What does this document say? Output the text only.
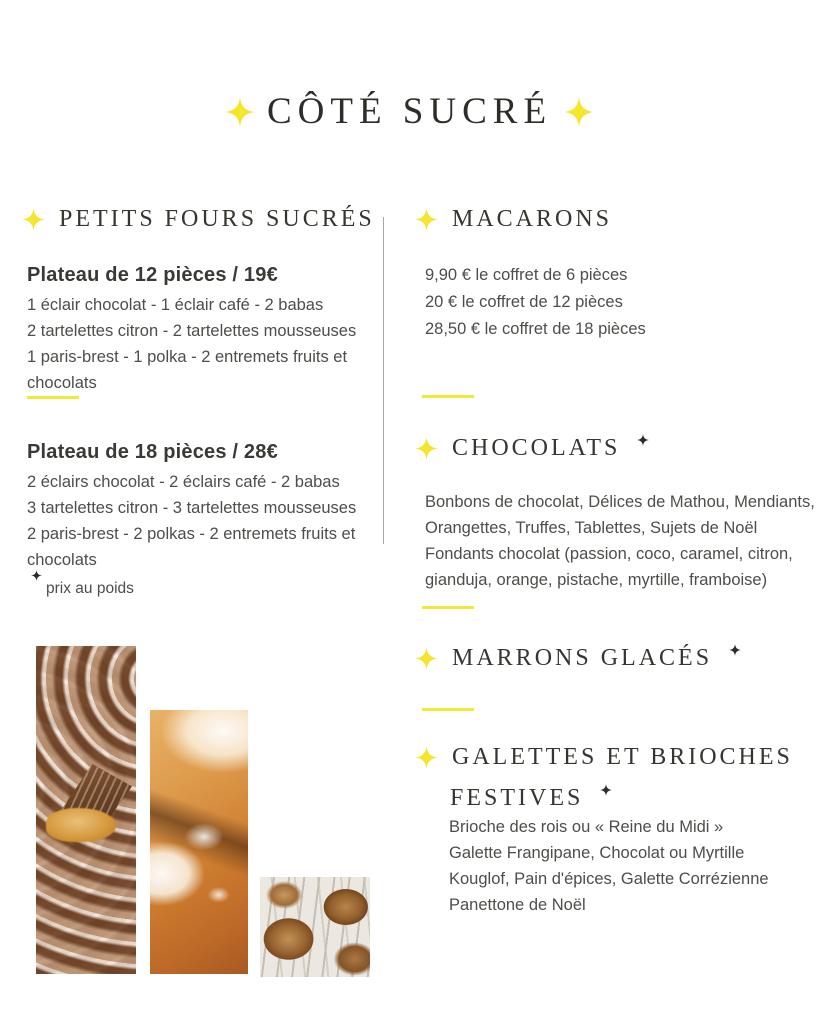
CÔTÉ SUCRÉ
PETITS FOURS SUCRÉS
Plateau de 12 pièces / 19€
1 éclair chocolat - 1 éclair café - 2 babas
2 tartelettes citron - 2 tartelettes mousseuses
1 paris-brest - 1 polka - 2 entremets fruits et
chocolats
Plateau de 18 pièces / 28€
2 éclairs chocolat - 2 éclairs café - 2 babas
3 tartelettes citron - 3 tartelettes mousseuses
2 paris-brest - 2 polkas - 2 entremets fruits et
chocolats
prix au poids
MACARONS
9,90 € le coffret de 6 pièces
20 € le coffret de 12 pièces
28,50 € le coffret de 18 pièces
CHOCOLATS
Bonbons de chocolat, Délices de Mathou, Mendiants,
Orangettes, Truffes, Tablettes, Sujets de Noël
Fondants chocolat (passion, coco, caramel, citron,
gianduja, orange, pistache, myrtille, framboise)
MARRONS GLACÉS
GALETTES ET BRIOCHES
FESTIVES
Brioche des rois ou « Reine du Midi »
Galette Frangipane, Chocolat ou Myrtille
Kouglof, Pain d'épices, Galette Corrézienne
Panettone de Noël
